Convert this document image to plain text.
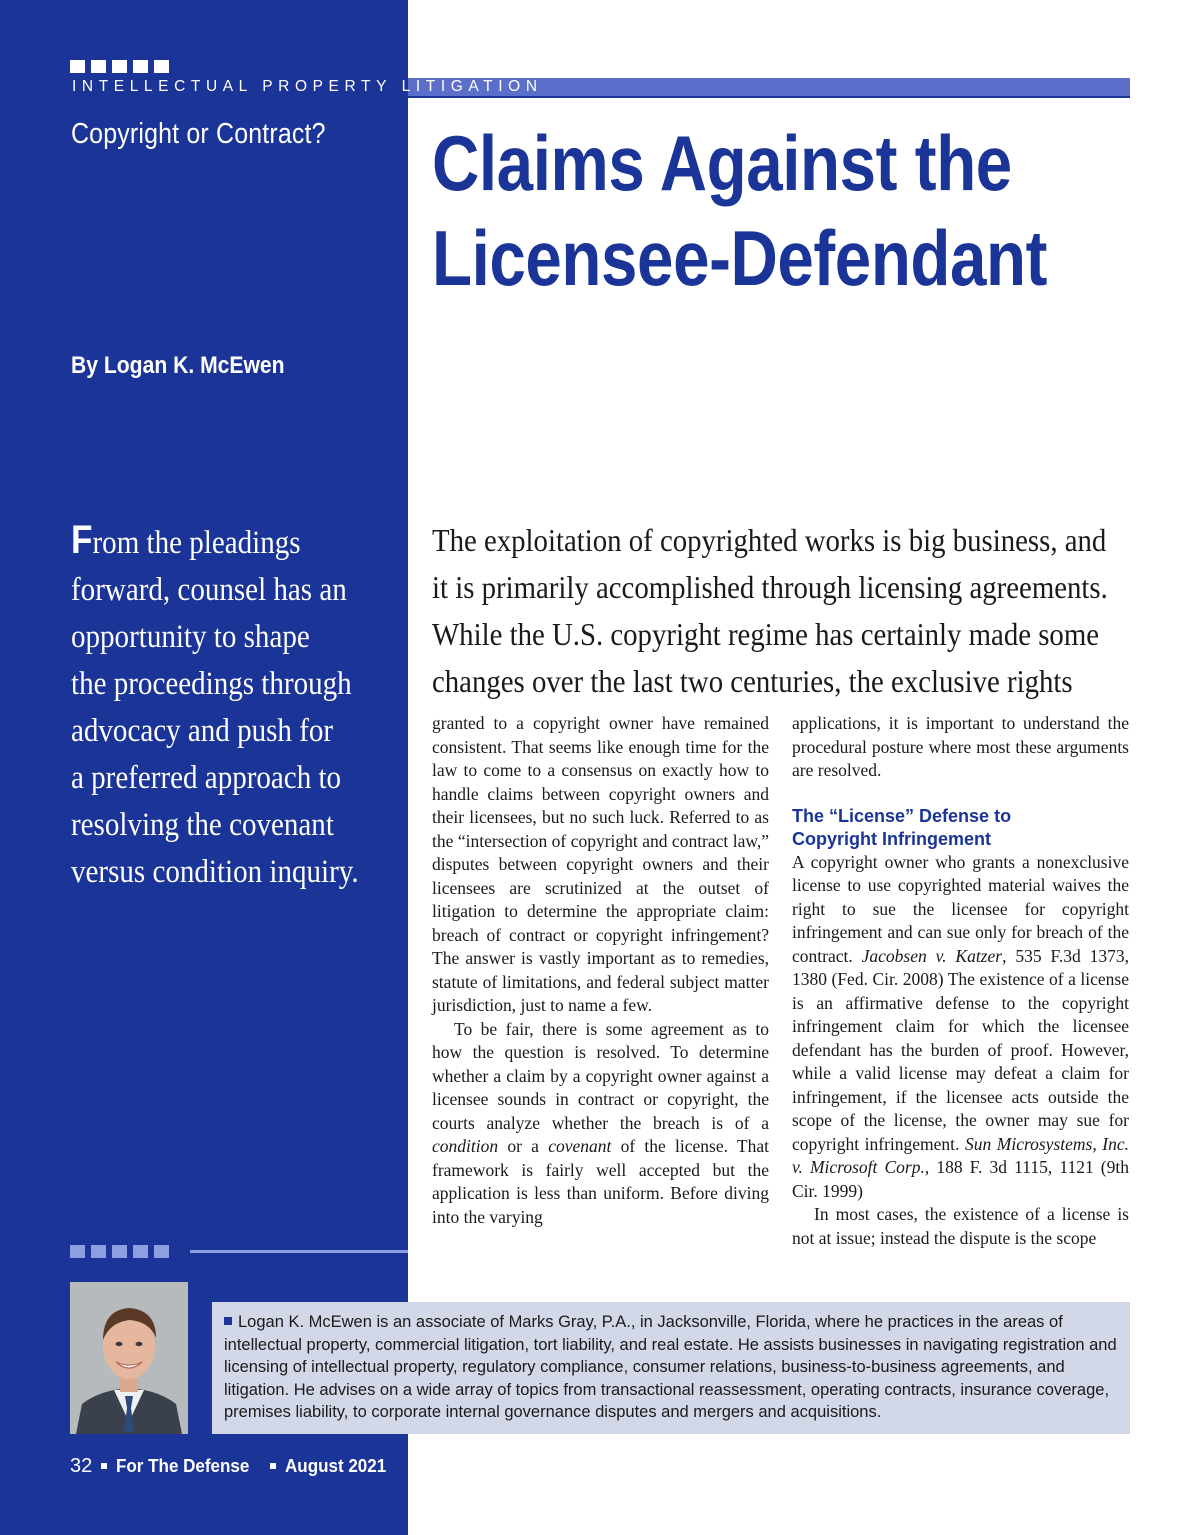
INTELLECTUAL PROPERTY LITIGATION
Copyright or Contract? Claims Against the
Licensee-Defendant
By Logan K. McEwen
From the pleadings
forward, counsel has an
opportunity to shape
the proceedings through
advocacy and push for
a preferred approach to
resolving the covenant
versus condition inquiry.
The exploitation of copyrighted works is big business, and
it is primarily accomplished through licensing agreements.
While the U.S. copyright regime has certainly made some
changes over the last two centuries, the exclusive rights

granted to a copyright owner have remained consistent. That seems like enough time for the law to come to a consensus on exactly how to handle claims between copyright owners and their licensees, but no such luck. Referred to as the “intersection of copyright and contract law,” disputes between copyright owners and their licensees are scrutinized at the outset of litigation to determine the appropriate claim: breach of contract or copyright infringement? The answer is vastly important as to remedies, statute of limitations, and federal subject matter jurisdiction, just to name a few.

To be fair, there is some agreement as to how the question is resolved. To determine whether a claim by a copyright owner against a licensee sounds in contract or copyright, the courts analyze whether the breach is of a condition or a covenant of the license. That framework is fairly well accepted but the application is less than uniform. Before diving into the varying

applications, it is important to understand the procedural posture where most these arguments are resolved.

The “License” Defense to
Copyright Infringement

A copyright owner who grants a nonexclusive license to use copyrighted material waives the right to sue the licensee for copyright infringement and can sue only for breach of the contract. Jacobsen v. Katzer, 535 F.3d 1373, 1380 (Fed. Cir. 2008) The existence of a license is an affirmative defense to the copyright infringement claim for which the licensee defendant has the burden of proof. However, while a valid license may defeat a claim for infringement, if the licensee acts outside the scope of the license, the owner may sue for copyright infringement. Sun Microsystems, Inc. v. Microsoft Corp., 188 F. 3d 1115, 1121 (9th Cir. 1999)

In most cases, the existence of a license is not at issue; instead the dispute is the scope

Logan K. McEwen is an associate of Marks Gray, P.A., in Jacksonville, Florida, where he practices in the areas of intellectual property, commercial litigation, tort liability, and real estate. He assists businesses in navigating registration and licensing of intellectual property, regulatory compliance, consumer relations, business-to-business agreements, and litigation. He advises on a wide array of topics from transactional reassessment, operating contracts, insurance coverage, premises liability, to corporate internal governance disputes and mergers and acquisitions.
32 For The Defense August 2021
